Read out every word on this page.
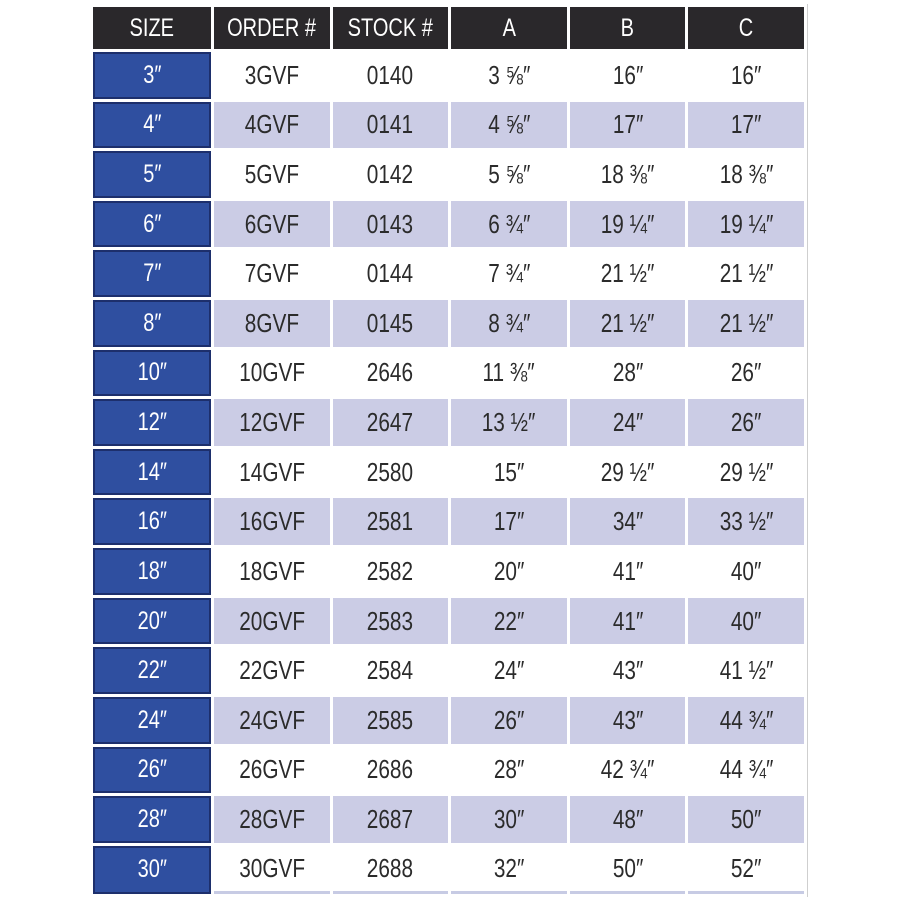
SIZE	ORDER #	STOCK #	A	B	C
3″	3GVF	0140	3 ⅝″	16″	16″
4″	4GVF	0141	4 ⅝″	17″	17″
5″	5GVF	0142	5 ⅝″	18 ⅜″	18 ⅜″
6″	6GVF	0143	6 ¾″	19 ¼″	19 ¼″
7″	7GVF	0144	7 ¾″	21 ½″	21 ½″
8″	8GVF	0145	8 ¾″	21 ½″	21 ½″
10″	10GVF	2646	11 ⅜″	28″	26″
12″	12GVF	2647	13 ½″	24″	26″
14″	14GVF	2580	15″	29 ½″	29 ½″
16″	16GVF	2581	17″	34″	33 ½″
18″	18GVF	2582	20″	41″	40″
20″	20GVF	2583	22″	41″	40″
22″	22GVF	2584	24″	43″	41 ½″
24″	24GVF	2585	26″	43″	44 ¾″
26″	26GVF	2686	28″	42 ¾″	44 ¾″
28″	28GVF	2687	30″	48″	50″
30″	30GVF	2688	32″	50″	52″
